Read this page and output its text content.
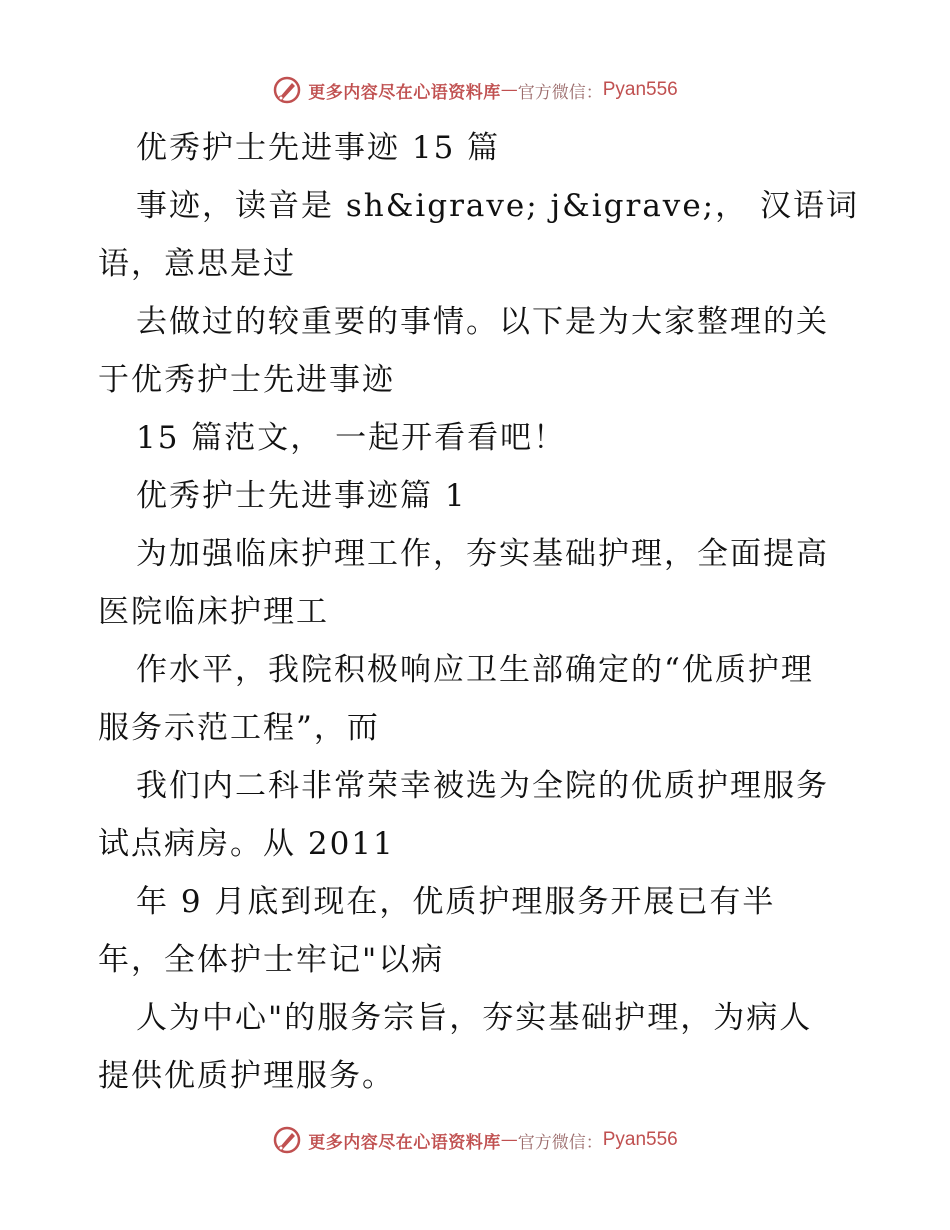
更多内容尽在心语资料库 — 官方微信： Pyan556
优秀护士先进事迹 15 篇
事迹，读音是 sh&igrave; j&igrave;， 汉语词
语，意思是过
去做过的较重要的事情。以下是为大家整理的关
于优秀护士先进事迹
15 篇范文， 一起开看看吧！
优秀护士先进事迹篇 1
为加强临床护理工作，夯实基础护理，全面提高
医院临床护理工
作水平，我院积极响应卫生部确定的“优质护理
服务示范工程”，而
我们内二科非常荣幸被选为全院的优质护理服务
试点病房。从 2011
年 9 月底到现在，优质护理服务开展已有半
年，全体护士牢记"以病
人为中心"的服务宗旨，夯实基础护理，为病人
提供优质护理服务。
更多内容尽在心语资料库 — 官方微信： Pyan556
